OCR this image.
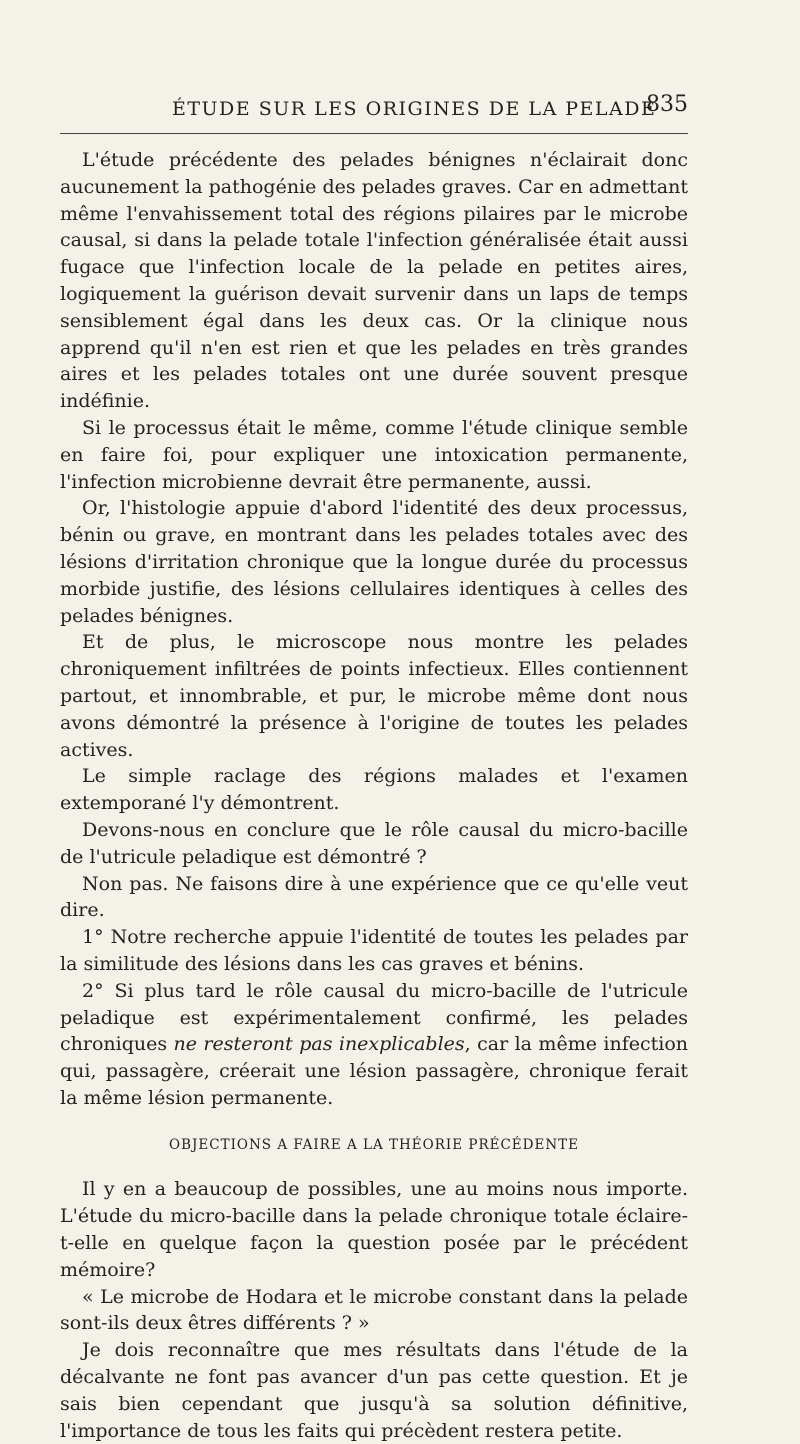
ÉTUDE SUR LES ORIGINES DE LA PELADE
835

L'étude précédente des pelades bénignes n'éclairait donc aucunement la pathogénie des pelades graves. Car en admettant même l'envahissement total des régions pilaires par le microbe causal, si dans la pelade totale l'infection généralisée était aussi fugace que l'infection locale de la pelade en petites aires, logiquement la guérison devait survenir dans un laps de temps sensiblement égal dans les deux cas. Or la clinique nous apprend qu'il n'en est rien et que les pelades en très grandes aires et les pelades totales ont une durée souvent presque indéfinie.

Si le processus était le même, comme l'étude clinique semble en faire foi, pour expliquer une intoxication permanente, l'infection microbienne devrait être permanente, aussi.

Or, l'histologie appuie d'abord l'identité des deux processus, bénin ou grave, en montrant dans les pelades totales avec des lésions d'irritation chronique que la longue durée du processus morbide justifie, des lésions cellulaires identiques à celles des pelades bénignes.

Et de plus, le microscope nous montre les pelades chroniquement infiltrées de points infectieux. Elles contiennent partout, et innombrable, et pur, le microbe même dont nous avons démontré la présence à l'origine de toutes les pelades actives.

Le simple raclage des régions malades et l'examen extemporané l'y démontrent.

Devons-nous en conclure que le rôle causal du micro-bacille de l'utricule peladique est démontré ?

Non pas. Ne faisons dire à une expérience que ce qu'elle veut dire.

1° Notre recherche appuie l'identité de toutes les pelades par la similitude des lésions dans les cas graves et bénins.

2° Si plus tard le rôle causal du micro-bacille de l'utricule peladique est expérimentalement confirmé, les pelades chroniques ne resteront pas inexplicables, car la même infection qui, passagère, créerait une lésion passagère, chronique ferait la même lésion permanente.

OBJECTIONS A FAIRE A LA THÉORIE PRÉCÉDENTE

Il y en a beaucoup de possibles, une au moins nous importe. L'étude du micro-bacille dans la pelade chronique totale éclaire-t-elle en quelque façon la question posée par le précédent mémoire?

« Le microbe de Hodara et le microbe constant dans la pelade sont-ils deux êtres différents ? »

Je dois reconnaître que mes résultats dans l'étude de la décalvante ne font pas avancer d'un pas cette question. Et je sais bien cependant que jusqu'à sa solution définitive, l'importance de tous les faits qui précèdent restera petite.
